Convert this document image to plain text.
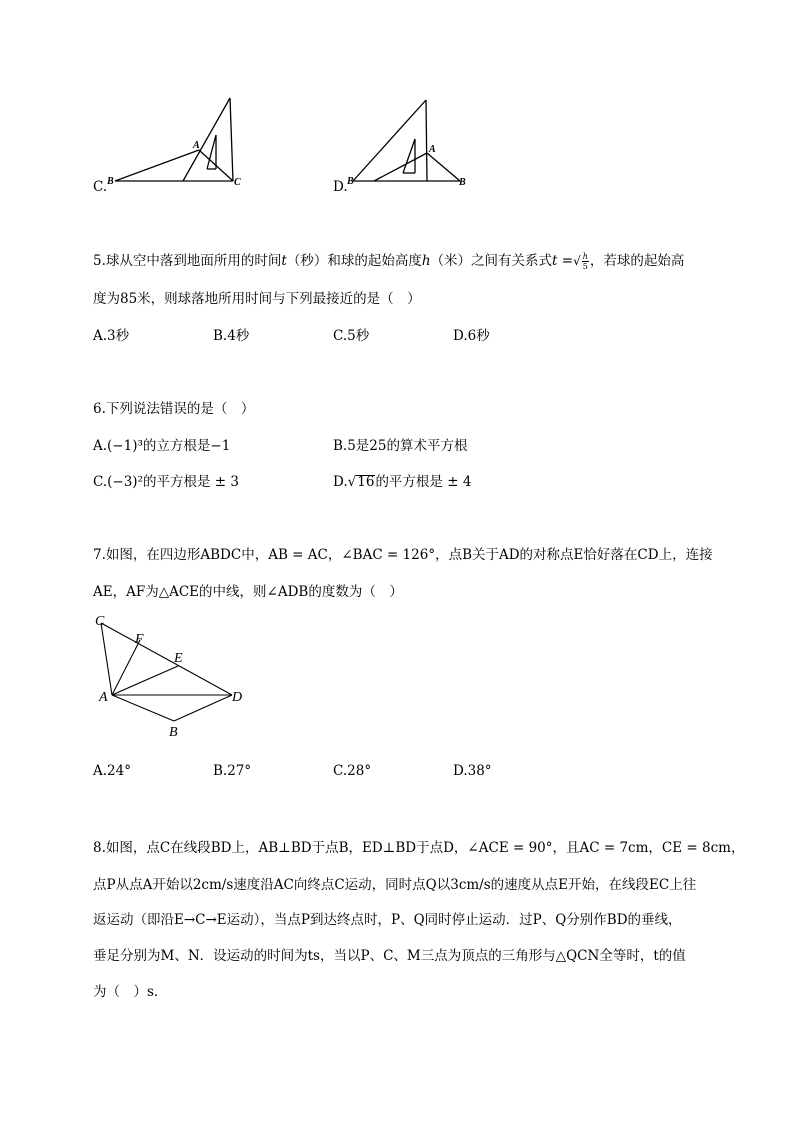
C. B
A
C	D. B
A
B
5.球从空中落到地面所用的时间t（秒）和球的起始高度h（米）之间有关系式t =√ $\frac{h}{5}$ ，若球的起始高
度为85米，则球落地所用时间与下列最接近的是（　）
A.3秒	B.4秒	C.5秒	D.6秒
6.下列说法错误的是（　）
A.(−1)³的立方根是−1	B.5是25的算术平方根
C.(−3)²的平方根是 ± 3	D.√16的平方根是 ± 4
7.如图，在四边形ABDC中，AB = AC，∠BAC = 126°，点B关于AD的对称点E恰好落在CD上，连接
AE，AF为△ACE的中线，则∠ADB的度数为（　）
C
F
E
A	D
B
A.24°	B.27°	C.28°	D.38°
8.如图，点C在线段BD上，AB⊥BD于点B，ED⊥BD于点D，∠ACE = 90°，且AC = 7cm，CE = 8cm，
点P从点A开始以2cm/s速度沿AC向终点C运动，同时点Q以3cm/s的速度从点E开始，在线段EC上往
返运动（即沿E→C→E运动），当点P到达终点时，P、Q同时停止运动．过P、Q分别作BD的垂线，
垂足分别为M、N．设运动的时间为ts，当以P、C、M三点为顶点的三角形与△QCN全等时，t的值
为（　）s．
